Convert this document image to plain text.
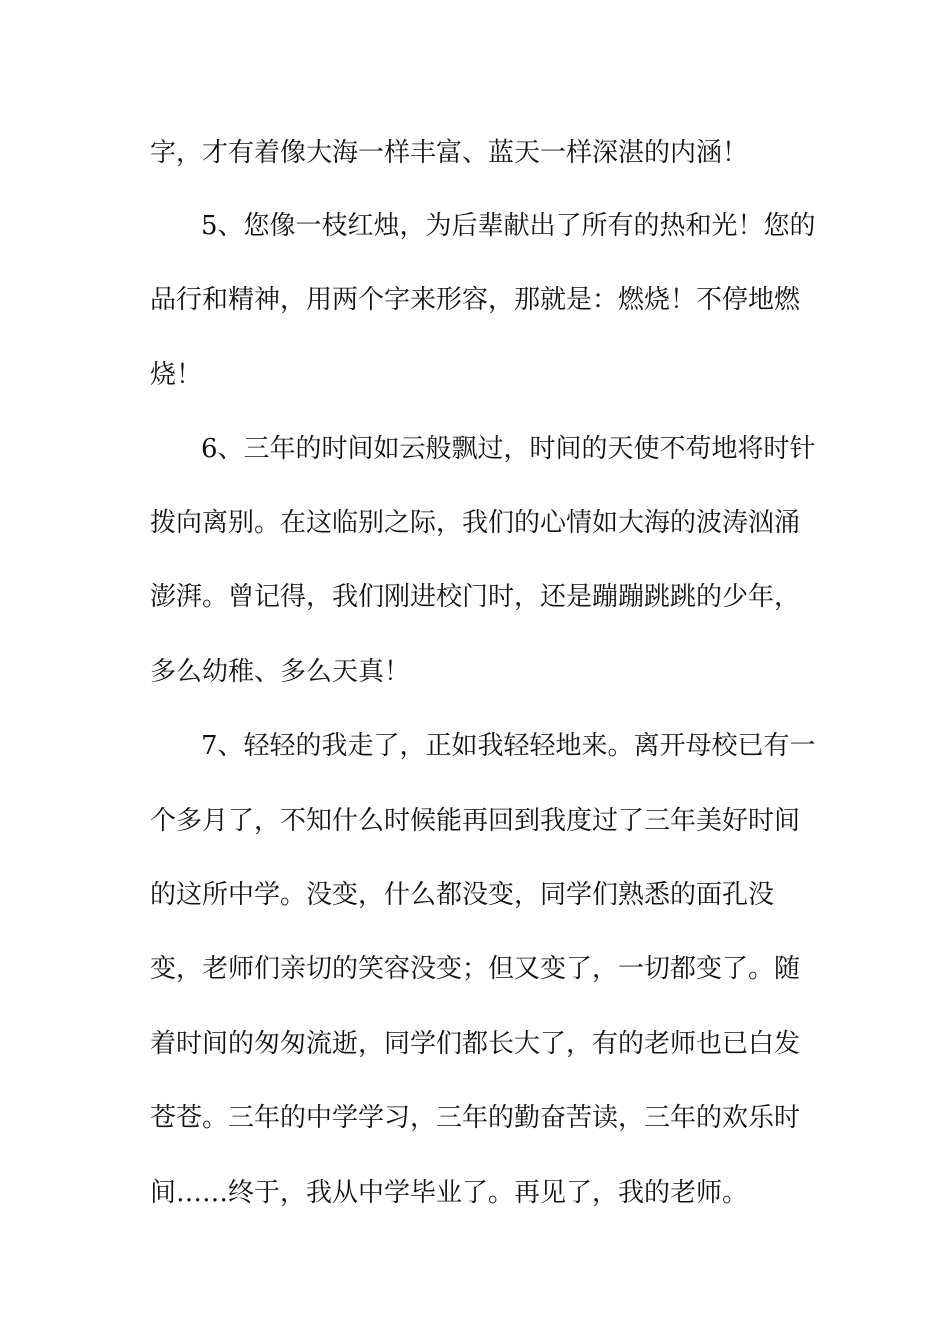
字，才有着像大海一样丰富、蓝天一样深湛的内涵！
5、您像一枝红烛，为后辈献出了所有的热和光！您的
品行和精神，用两个字来形容，那就是：燃烧！不停地燃
烧！
6、三年的时间如云般飘过，时间的天使不苟地将时针
拨向离别。在这临别之际，我们的心情如大海的波涛汹涌
澎湃。曾记得，我们刚进校门时，还是蹦蹦跳跳的少年，
多么幼稚、多么天真！
7、轻轻的我走了，正如我轻轻地来。离开母校已有一
个多月了，不知什么时候能再回到我度过了三年美好时间
的这所中学。没变，什么都没变，同学们熟悉的面孔没
变，老师们亲切的笑容没变；但又变了，一切都变了。随
着时间的匆匆流逝，同学们都长大了，有的老师也已白发
苍苍。三年的中学学习，三年的勤奋苦读，三年的欢乐时
间……终于，我从中学毕业了。再见了，我的老师。
